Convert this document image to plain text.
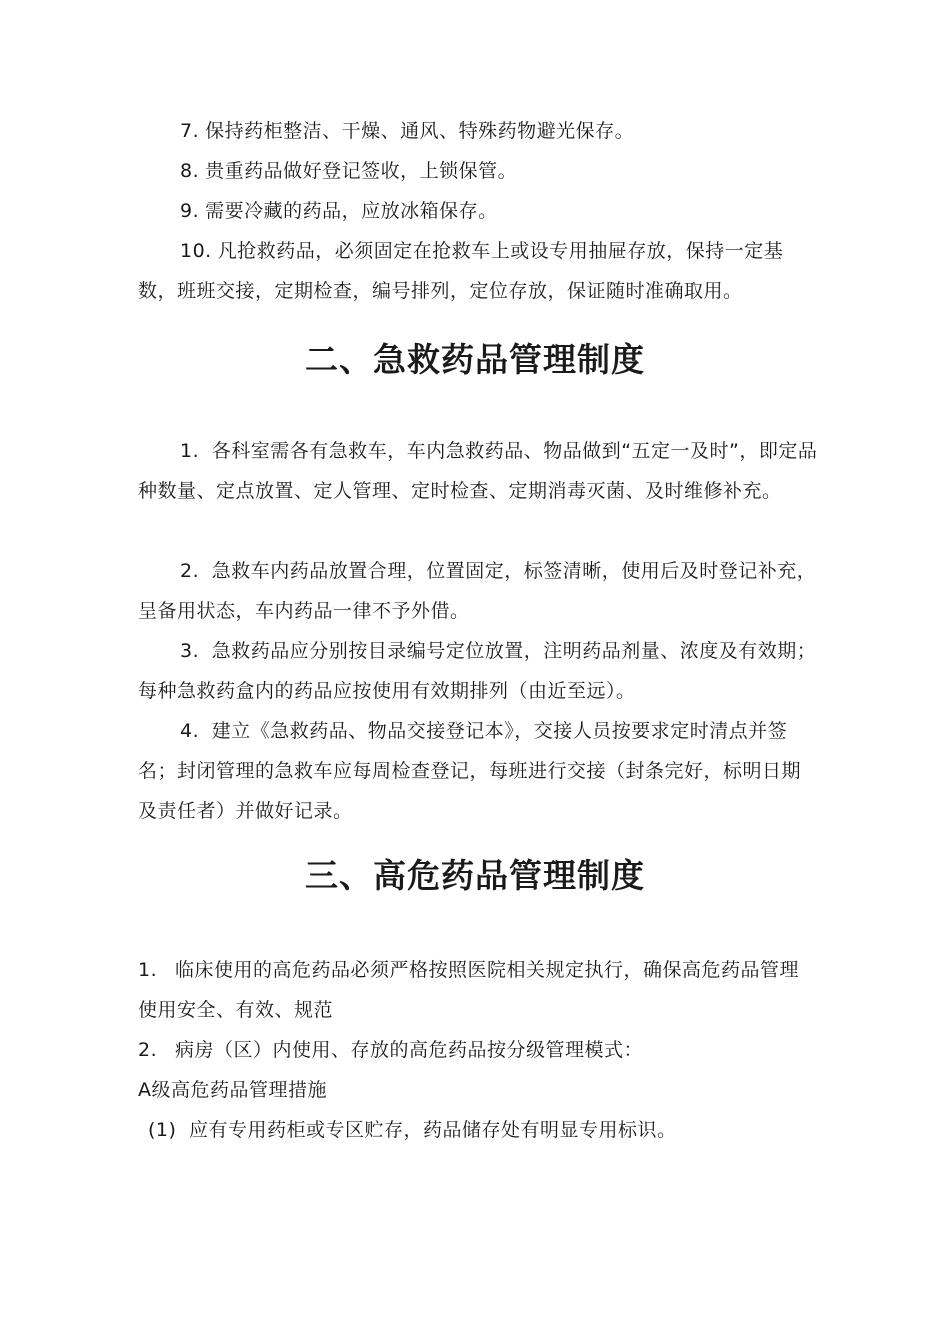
7. 保持药柜整洁、干燥、通风、特殊药物避光保存。

8. 贵重药品做好登记签收，上锁保管。

9. 需要冷藏的药品，应放冰箱保存。

10. 凡抢救药品，必须固定在抢救车上或设专用抽屉存放，保持一定基数，班班交接，定期检查，编号排列，定位存放，保证随时准确取用。

二、急救药品管理制度

1. 各科室需各有急救车，车内急救药品、物品做到“五定一及时”，即定品种数量、定点放置、定人管理、定时检查、定期消毒灭菌、及时维修补充。

2. 急救车内药品放置合理，位置固定，标签清晰，使用后及时登记补充，呈备用状态，车内药品一律不予外借。

3. 急救药品应分别按目录编号定位放置，注明药品剂量、浓度及有效期；每种急救药盒内的药品应按使用有效期排列（由近至远）。

4. 建立《急救药品、物品交接登记本》，交接人员按要求定时清点并签名；封闭管理的急救车应每周检查登记，每班进行交接（封条完好，标明日期及责任者）并做好记录。

三、高危药品管理制度

1. 临床使用的高危药品必须严格按照医院相关规定执行，确保高危药品管理使用安全、有效、规范

2. 病房（区）内使用、存放的高危药品按分级管理模式：

A级高危药品管理措施

(1) 应有专用药柜或专区贮存，药品储存处有明显专用标识。
